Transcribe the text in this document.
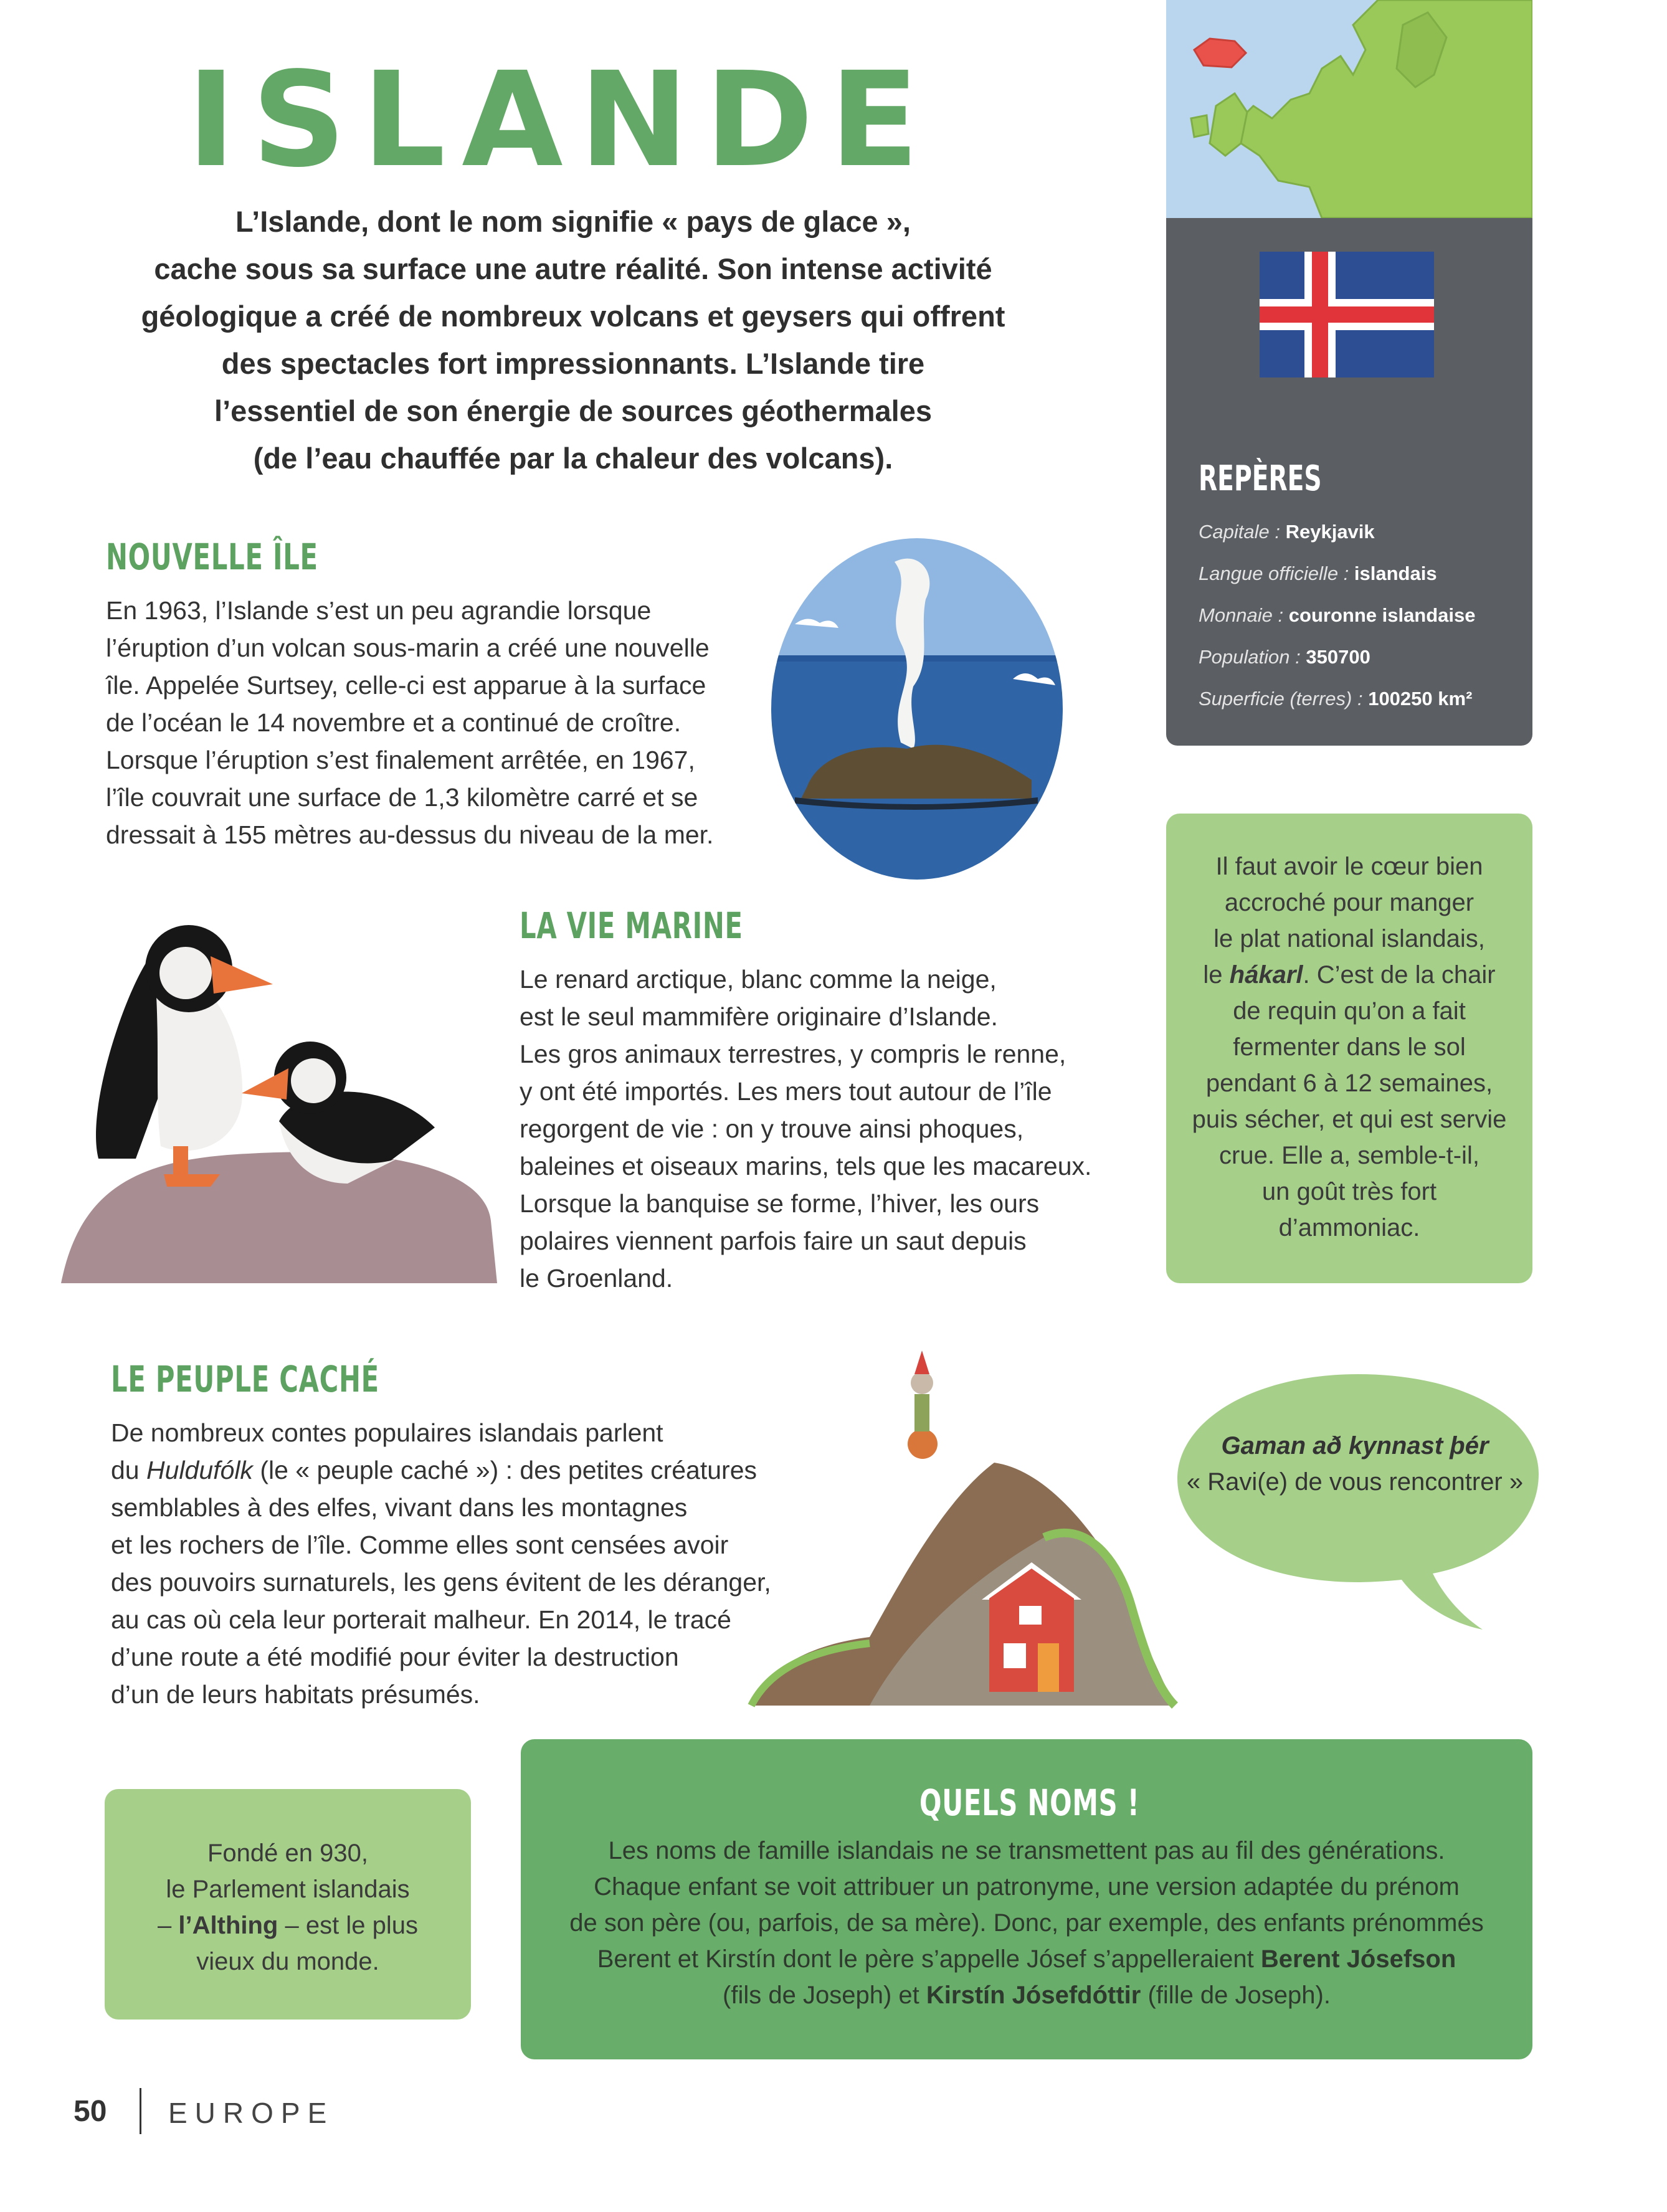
ISLANDE
L’Islande, dont le nom signifie « pays de glace »,
cache sous sa surface une autre réalité. Son intense activité
géologique a créé de nombreux volcans et geysers qui offrent
des spectacles fort impressionnants. L’Islande tire
l’essentiel de son énergie de sources géothermales
(de l’eau chauffée par la chaleur des volcans).
REPÈRES
Capitale : Reykjavik
Langue officielle : islandais
Monnaie : couronne islandaise
Population : 350700
Superficie (terres) : 100250 km²
NOUVELLE ÎLE

En 1963, l’Islande s’est un peu agrandie lorsque

l’éruption d’un volcan sous-marin a créé une nouvelle

île. Appelée Surtsey, celle-ci est apparue à la surface

de l’océan le 14 novembre et a continué de croître.

Lorsque l’éruption s’est finalement arrêtée, en 1967,

l’île couvrait une surface de 1,3 kilomètre carré et se

dressait à 155 mètres au-dessus du niveau de la mer.

LA VIE MARINE

Le renard arctique, blanc comme la neige,

est le seul mammifère originaire d’Islande.

Les gros animaux terrestres, y compris le renne,

y ont été importés. Les mers tout autour de l’île

regorgent de vie : on y trouve ainsi phoques,

baleines et oiseaux marins, tels que les macareux.

Lorsque la banquise se forme, l’hiver, les ours

polaires viennent parfois faire un saut depuis

le Groenland.

Il faut avoir le cœur bien

accroché pour manger

le plat national islandais,

le hákarl. C’est de la chair

de requin qu’on a fait

fermenter dans le sol

pendant 6 à 12 semaines,

puis sécher, et qui est servie

crue. Elle a, semble-t-il,

un goût très fort

d’ammoniac.

LE PEUPLE CACHÉ

De nombreux contes populaires islandais parlent

du Huldufólk (le « peuple caché ») : des petites créatures

semblables à des elfes, vivant dans les montagnes

et les rochers de l’île. Comme elles sont censées avoir

des pouvoirs surnaturels, les gens évitent de les déranger,

au cas où cela leur porterait malheur. En 2014, le tracé

d’une route a été modifié pour éviter la destruction

d’un de leurs habitats présumés.

Gaman að kynnast þér
« Ravi(e) de vous rencontrer »
Fondé en 930,
le Parlement islandais
– l’Althing – est le plus
vieux du monde.
QUELS NOMS !
Les noms de famille islandais ne se transmettent pas au fil des générations.
Chaque enfant se voit attribuer un patronyme, une version adaptée du prénom
de son père (ou, parfois, de sa mère). Donc, par exemple, des enfants prénommés
Berent et Kirstín dont le père s’appelle Jósef s’appelleraient Berent Jósefson
(fils de Joseph) et Kirstín Jósefdóttir (fille de Joseph).
50 EUROPE
